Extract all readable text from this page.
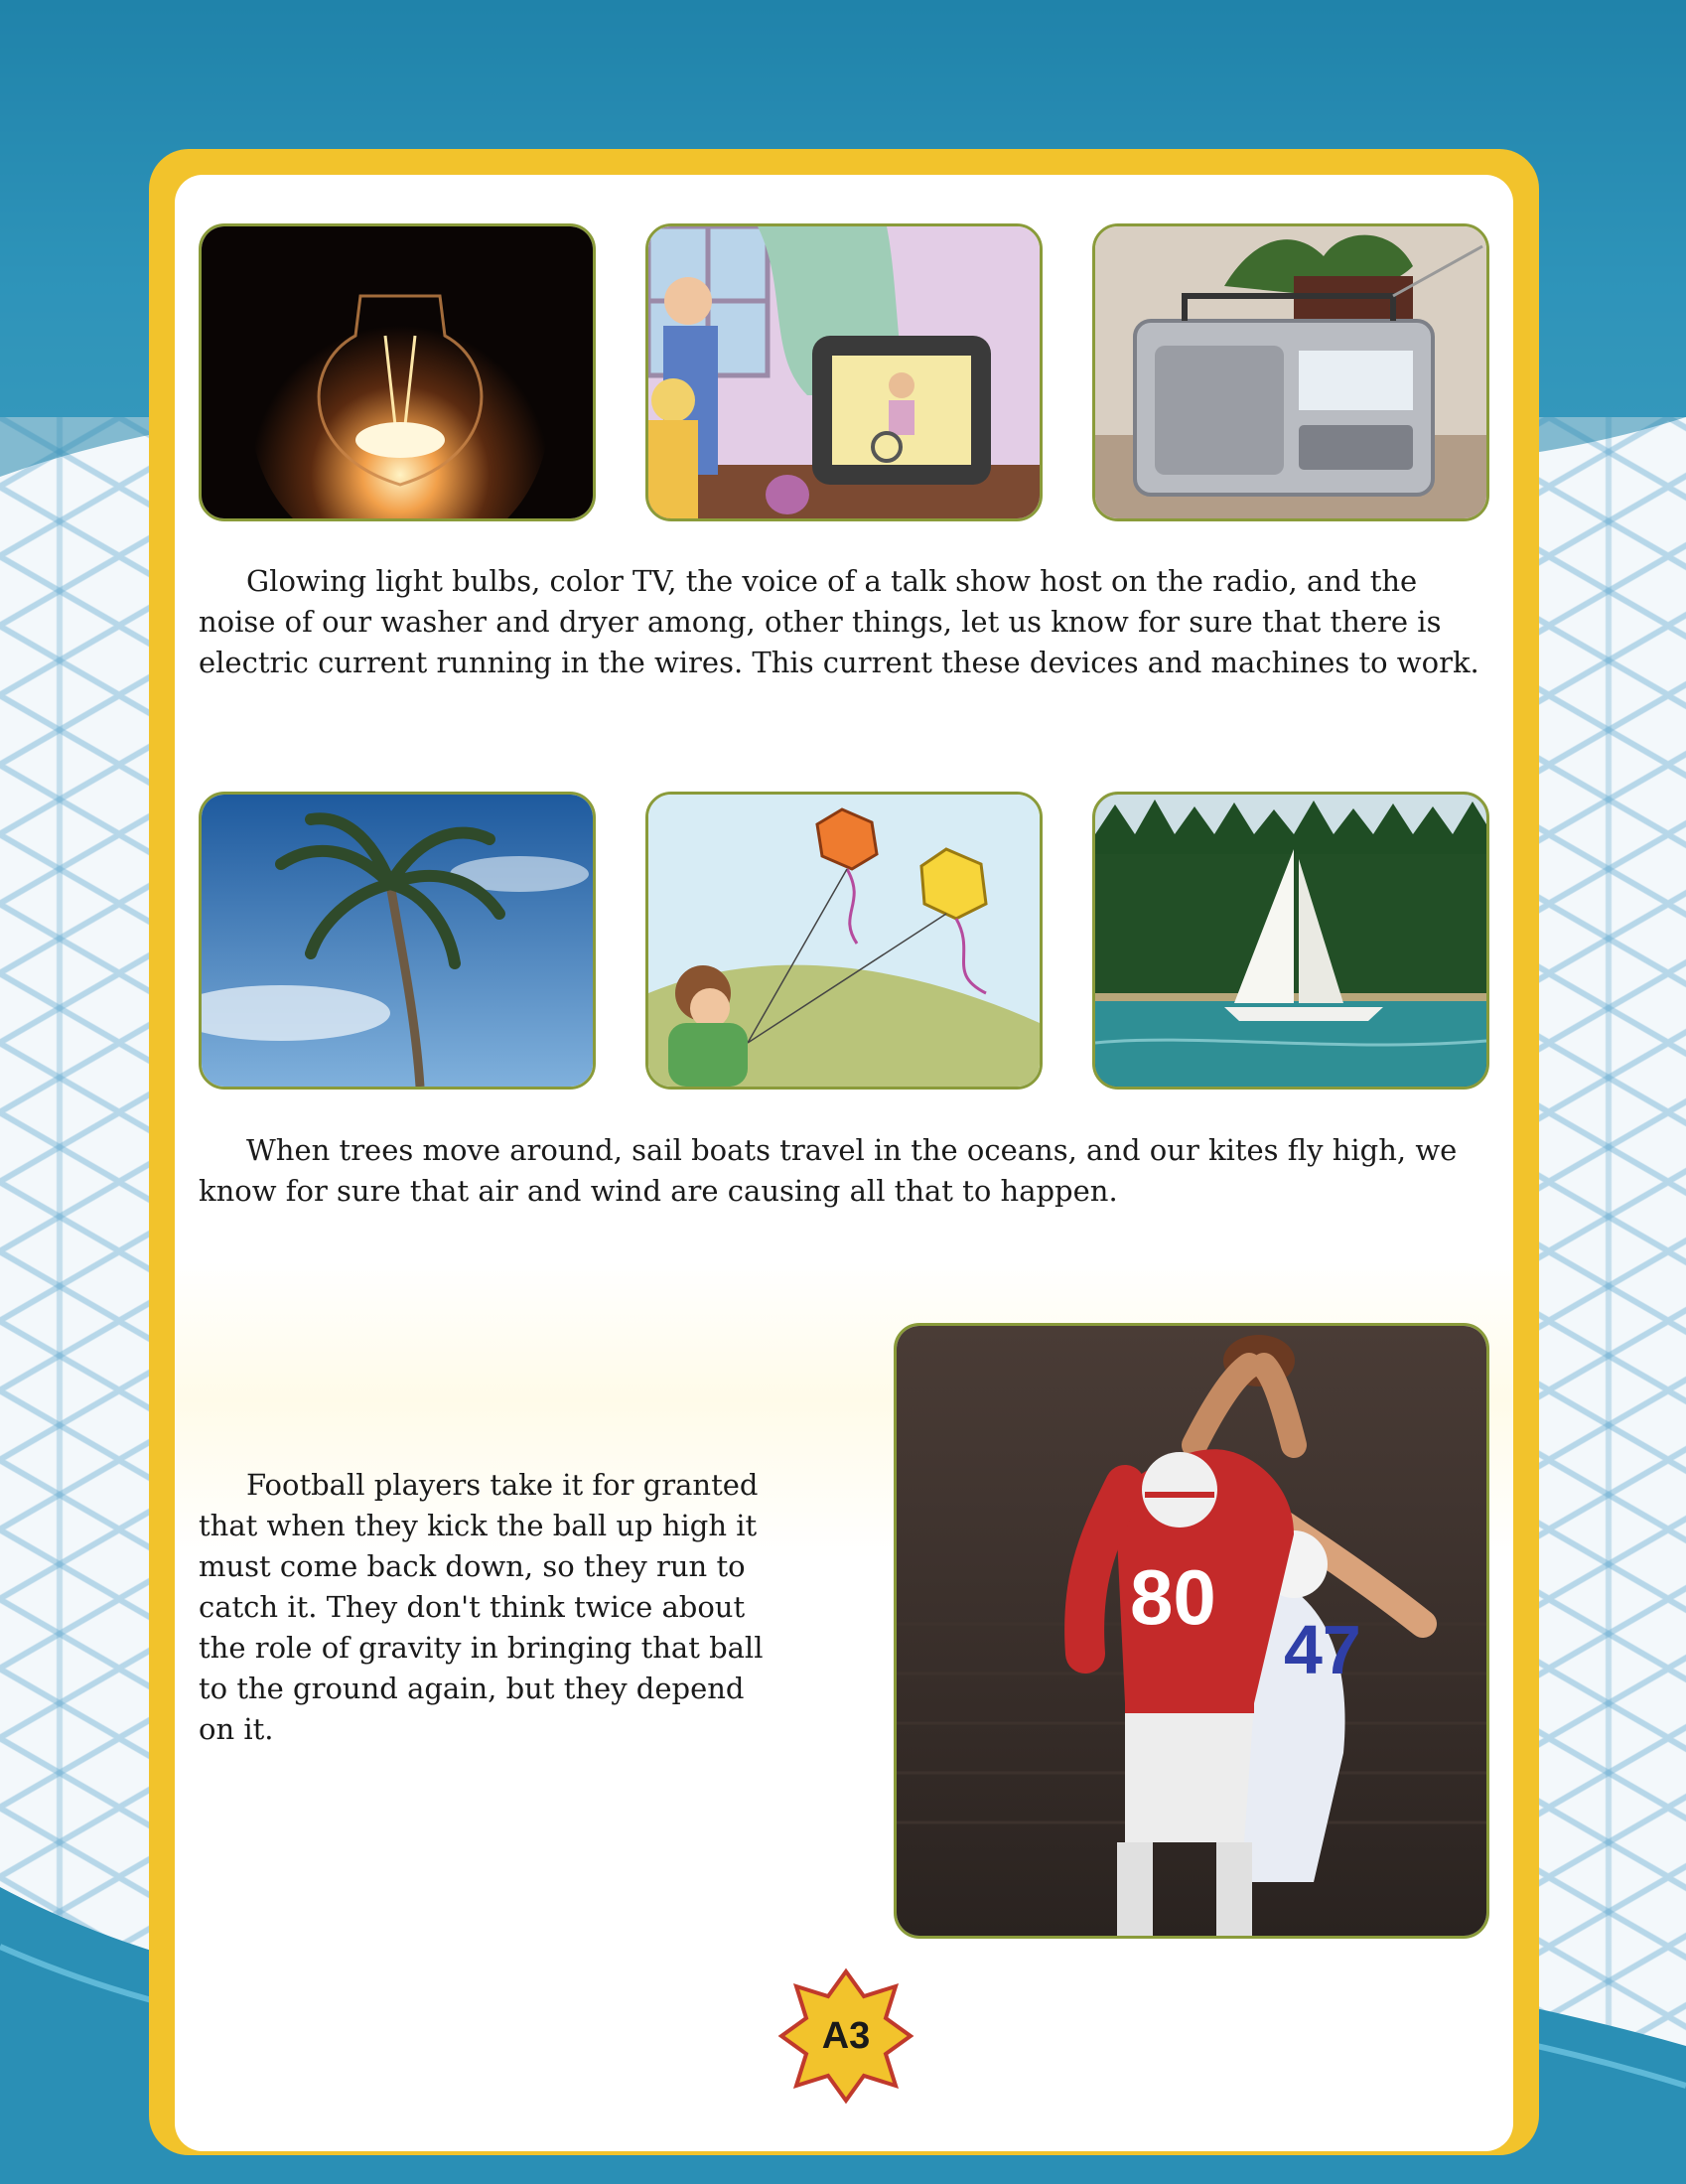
Glowing light bulbs, color TV, the voice of a talk show host on the radio, and the noise of our washer and dryer among, other things, let us know for sure that there is electric current running in the wires. This current these devices and machines to work.

When trees move around, sail boats travel in the oceans, and our kites fly high, we know for sure that air and wind are causing all that to happen.

Football players take it for granted that when they kick the ball up high it must come back down, so they run to catch it. They don't think twice about the role of gravity in bringing that ball to the ground again, but they depend on it.

47
80
A3
